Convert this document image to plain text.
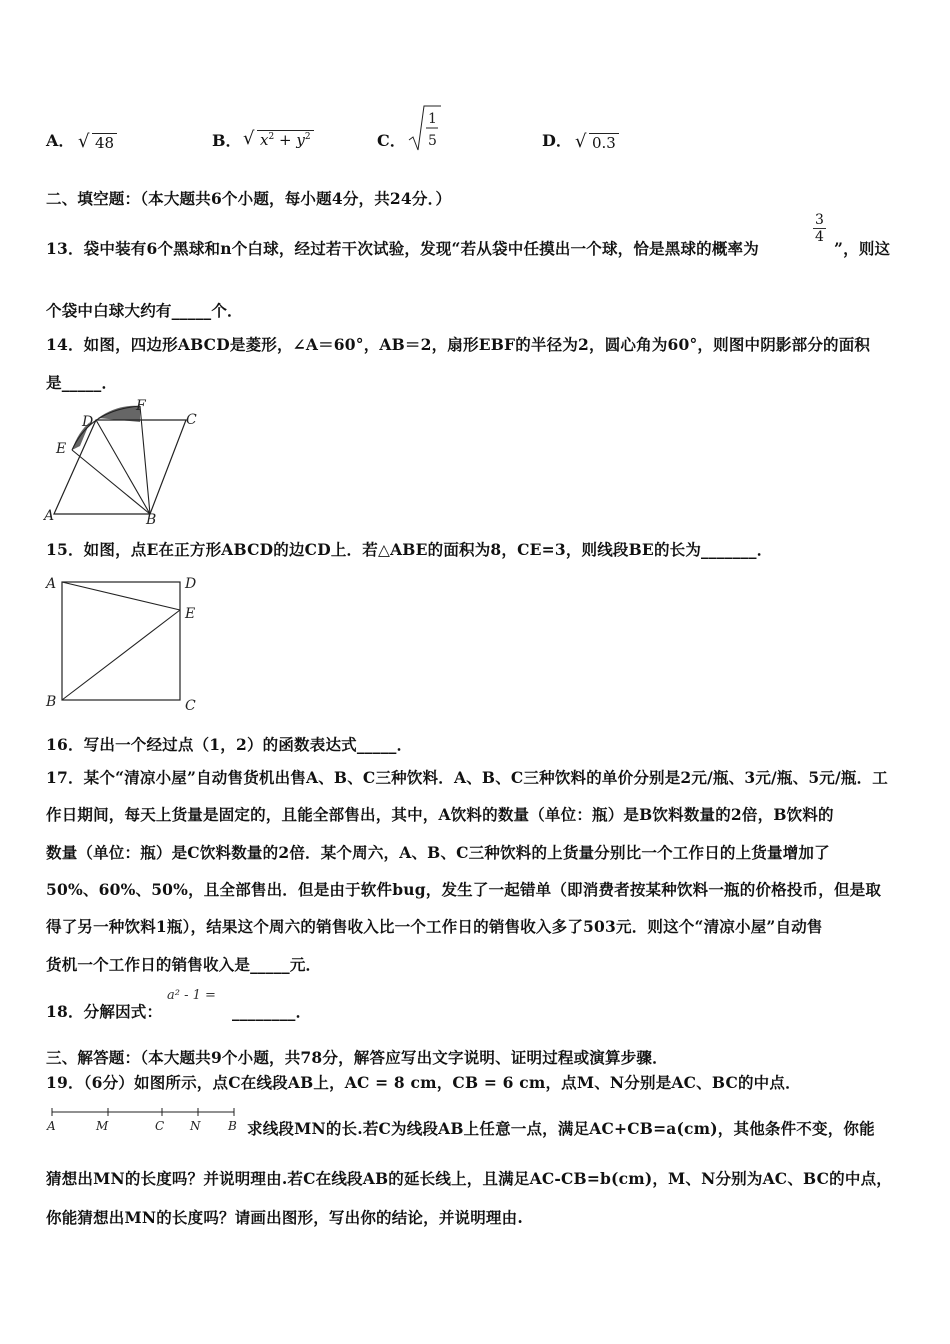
A． √ 48	B． √ $x^2 + y^2$	C．
1
5	D． √ 0.3
二、填空题：（本大题共6个小题，每小题4分，共24分．）
13．袋中装有6个黑球和n个白球，经过若干次试验，发现“若从袋中任摸出一个球，恰是黑球的概率为
$\frac{3}{4}$
”，则这
个袋中白球大约有_____个．
14．如图，四边形ABCD是菱形，∠A＝60°，AB＝2，扇形EBF的半径为2，圆心角为60°，则图中阴影部分的面积
是_____．
A	B
C
D
E
F
15．如图，点E在正方形ABCD的边CD上．若△ABE的面积为8，CE=3，则线段BE的长为_______．
A	D
E
B	C
16．写出一个经过点（1，2）的函数表达式_____．
17．某个“清凉小屋”自动售货机出售A、B、C三种饮料．A、B、C三种饮料的单价分别是2元/瓶、3元/瓶、5元/瓶．工
作日期间，每天上货量是固定的，且能全部售出，其中，A饮料的数量（单位：瓶）是B饮料数量的2倍，B饮料的
数量（单位：瓶）是C饮料数量的2倍．某个周六，A、B、C三种饮料的上货量分别比一个工作日的上货量增加了
50%、60%、50%，且全部售出．但是由于软件bug，发生了一起错单（即消费者按某种饮料一瓶的价格投币，但是取
得了另一种饮料1瓶），结果这个周六的销售收入比一个工作日的销售收入多了503元．则这个“清凉小屋”自动售
货机一个工作日的销售收入是_____元．
18．分解因式：
a² - 1 =
________．
三、解答题：（本大题共9个小题，共78分，解答应写出文字说明、证明过程或演算步骤．
19．（6分）如图所示，点C在线段AB上，AC = 8 cm，CB = 6 cm，点M、N分别是AC、BC的中点．
A	M	C N B 求线段MN的长.若C为线段AB上任意一点，满足AC+CB=a(cm)，其他条件不变，你能
猜想出MN的长度吗？并说明理由.若C在线段AB的延长线上，且满足AC-CB=b(cm)，M、N分别为AC、BC的中点，
你能猜想出MN的长度吗？请画出图形，写出你的结论，并说明理由.
